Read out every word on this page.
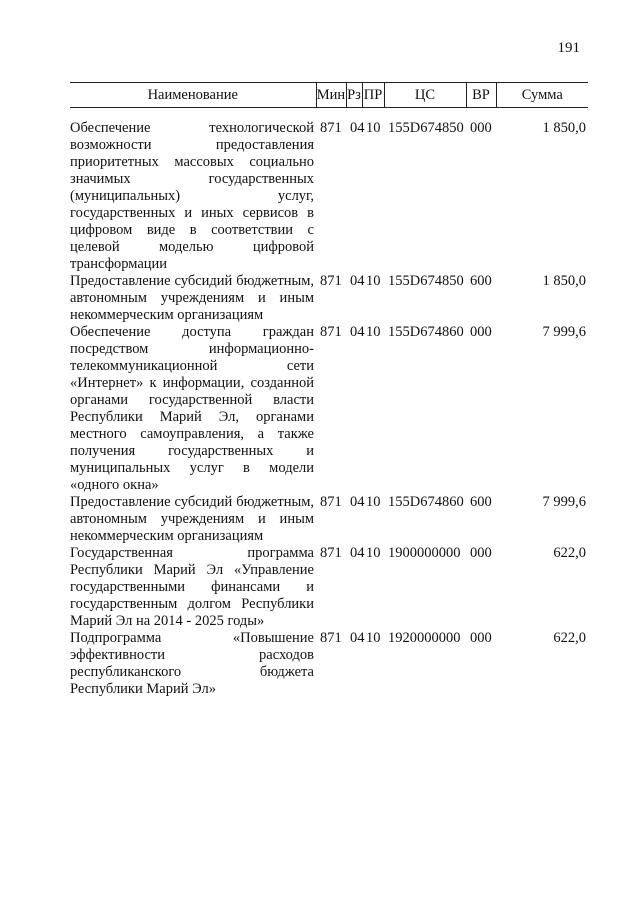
191
Наименование	Мин	Рз	ПР	ЦС	ВР	Сумма

Обеспечение технологической возможности предоставления приоритетных массовых социально значимых государственных (муниципальных) услуг, государственных и иных сервисов в цифровом виде в соответствии с целевой моделью цифровой трансформации	871	04	10	155D674850	000	1 850,0
Предоставление субсидий бюджетным, автономным учреждениям и иным некоммерческим организациям	871	04	10	155D674850	600	1 850,0
Обеспечение доступа граждан посредством информационно-телекоммуникационной сети «Интернет» к информации, созданной органами государственной власти Республики Марий Эл, органами местного самоуправления, а также получения государственных и муниципальных услуг в модели «одного окна»	871	04	10	155D674860	000	7 999,6
Предоставление субсидий бюджетным, автономным учреждениям и иным некоммерческим организациям	871	04	10	155D674860	600	7 999,6
Государственная программа Республики Марий Эл «Управление государственными финансами и государственным долгом Республики Марий Эл на 2014 - 2025 годы»	871	04	10	1900000000	000	622,0
Подпрограмма «Повышение эффективности расходов республиканского бюджета Республики Марий Эл»	871	04	10	1920000000	000	622,0
